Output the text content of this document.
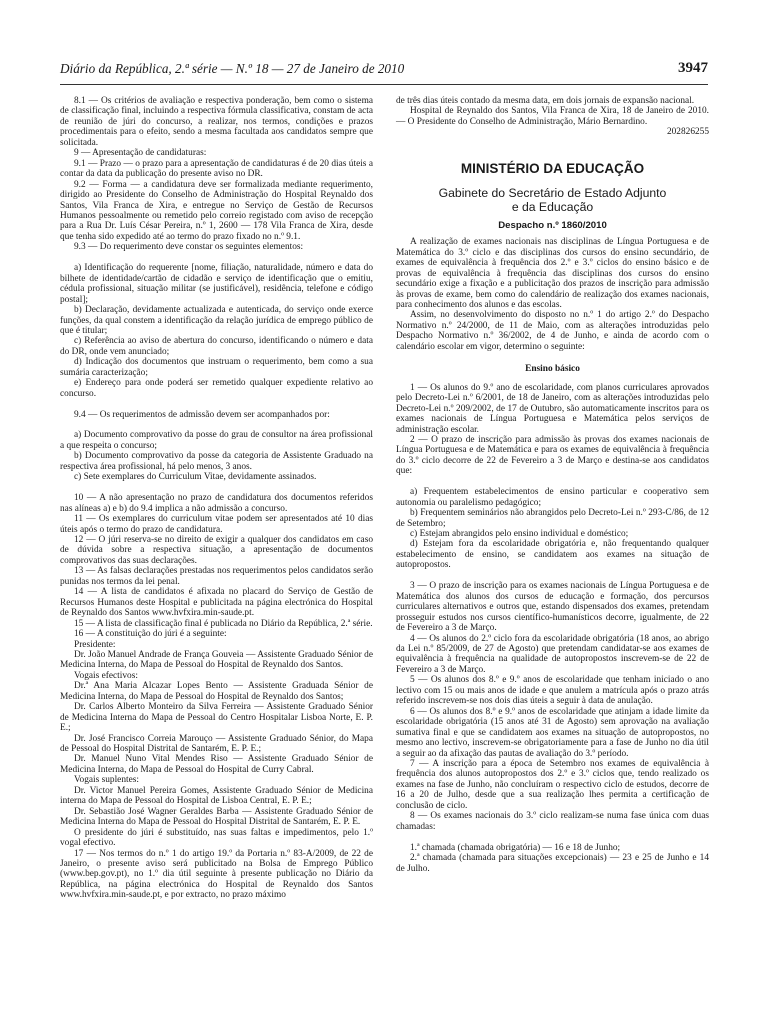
Diário da República, 2.ª série — N.º 18 — 27 de Janeiro de 2010	3947

8.1 — Os critérios de avaliação e respectiva ponderação, bem como o sistema de classificação final, incluindo a respectiva fórmula classificativa, constam de acta de reunião de júri do concurso, a realizar, nos termos, condições e prazos procedimentais para o efeito, sendo a mesma facultada aos candidatos sempre que solicitada.

9 — Apresentação de candidaturas:

9.1 — Prazo — o prazo para a apresentação de candidaturas é de 20 dias úteis a contar da data da publicação do presente aviso no DR.

9.2 — Forma — a candidatura deve ser formalizada mediante requerimento, dirigido ao Presidente do Conselho de Administração do Hospital Reynaldo dos Santos, Vila Franca de Xira, e entregue no Serviço de Gestão de Recursos Humanos pessoalmente ou remetido pelo correio registado com aviso de recepção para a Rua Dr. Luís César Pereira, n.º 1, 2600 — 178 Vila Franca de Xira, desde que tenha sido expedido até ao termo do prazo fixado no n.º 9.1.

9.3 — Do requerimento deve constar os seguintes elementos:

a) Identificação do requerente [nome, filiação, naturalidade, número e data do bilhete de identidade/cartão de cidadão e serviço de identificação que o emitiu, cédula profissional, situação militar (se justificável), residência, telefone e código postal];

b) Declaração, devidamente actualizada e autenticada, do serviço onde exerce funções, da qual constem a identificação da relação jurídica de emprego público de que é titular;

c) Referência ao aviso de abertura do concurso, identificando o número e data do DR, onde vem anunciado;

d) Indicação dos documentos que instruam o requerimento, bem como a sua sumária caracterização;

e) Endereço para onde poderá ser remetido qualquer expediente relativo ao concurso.

9.4 — Os requerimentos de admissão devem ser acompanhados por:

a) Documento comprovativo da posse do grau de consultor na área profissional a que respeita o concurso;

b) Documento comprovativo da posse da categoria de Assistente Graduado na respectiva área profissional, há pelo menos, 3 anos.

c) Sete exemplares do Curriculum Vitae, devidamente assinados.

10 — A não apresentação no prazo de candidatura dos documentos referidos nas alíneas a) e b) do 9.4 implica a não admissão a concurso.

11 — Os exemplares do curriculum vitae podem ser apresentados até 10 dias úteis após o termo do prazo de candidatura.

12 — O júri reserva-se no direito de exigir a qualquer dos candidatos em caso de dúvida sobre a respectiva situação, a apresentação de documentos comprovativos das suas declarações.

13 — As falsas declarações prestadas nos requerimentos pelos candidatos serão punidas nos termos da lei penal.

14 — A lista de candidatos é afixada no placard do Serviço de Gestão de Recursos Humanos deste Hospital e publicitada na página electrónica do Hospital de Reynaldo dos Santos www.hvfxira.min-saude.pt.

15 — A lista de classificação final é publicada no Diário da República, 2.ª série.

16 — A constituição do júri é a seguinte:

Presidente:

Dr. João Manuel Andrade de França Gouveia — Assistente Graduado Sénior de Medicina Interna, do Mapa de Pessoal do Hospital de Reynaldo dos Santos.

Vogais efectivos:

Dr.ª Ana Maria Alcazar Lopes Bento — Assistente Graduada Sénior de Medicina Interna, do Mapa de Pessoal do Hospital de Reynaldo dos Santos;

Dr. Carlos Alberto Monteiro da Silva Ferreira — Assistente Graduado Sénior de Medicina Interna do Mapa de Pessoal do Centro Hospitalar Lisboa Norte, E. P. E.;

Dr. José Francisco Correia Marouço — Assistente Graduado Sénior, do Mapa de Pessoal do Hospital Distrital de Santarém, E. P. E.;

Dr. Manuel Nuno Vital Mendes Riso — Assistente Graduado Sénior de Medicina Interna, do Mapa de Pessoal do Hospital de Curry Cabral.

Vogais suplentes:

Dr. Victor Manuel Pereira Gomes, Assistente Graduado Sénior de Medicina interna do Mapa de Pessoal do Hospital de Lisboa Central, E. P. E.;

Dr. Sebastião José Wagner Geraldes Barba — Assistente Graduado Sénior de Medicina Interna do Mapa de Pessoal do Hospital Distrital de Santarém, E. P. E.

O presidente do júri é substituído, nas suas faltas e impedimentos, pelo 1.º vogal efectivo.

17 — Nos termos do n.º 1 do artigo 19.º da Portaria n.º 83-A/2009, de 22 de Janeiro, o presente aviso será publicitado na Bolsa de Emprego Público (www.bep.gov.pt), no 1.º dia útil seguinte à presente publicação no Diário da República, na página electrónica do Hospital de Reynaldo dos Santos www.hvfxira.min-saude.pt, e por extracto, no prazo máximo

de três dias úteis contado da mesma data, em dois jornais de expansão nacional.

Hospital de Reynaldo dos Santos, Vila Franca de Xira, 18 de Janeiro de 2010. — O Presidente do Conselho de Administração, Mário Bernardino.

202826255

MINISTÉRIO DA EDUCAÇÃO

Gabinete do Secretário de Estado Adjunto

e da Educação

Despacho n.º 1860/2010

A realização de exames nacionais nas disciplinas de Língua Portuguesa e de Matemática do 3.º ciclo e das disciplinas dos cursos do ensino secundário, de exames de equivalência à frequência dos 2.º e 3.º ciclos do ensino básico e de provas de equivalência à frequência das disciplinas dos cursos do ensino secundário exige a fixação e a publicitação dos prazos de inscrição para admissão às provas de exame, bem como do calendário de realização dos exames nacionais, para conhecimento dos alunos e das escolas.

Assim, no desenvolvimento do disposto no n.º 1 do artigo 2.º do Despacho Normativo n.º 24/2000, de 11 de Maio, com as alterações introduzidas pelo Despacho Normativo n.º 36/2002, de 4 de Junho, e ainda de acordo com o calendário escolar em vigor, determino o seguinte:

Ensino básico

1 — Os alunos do 9.º ano de escolaridade, com planos curriculares aprovados pelo Decreto-Lei n.º 6/2001, de 18 de Janeiro, com as alterações introduzidas pelo Decreto-Lei n.º 209/2002, de 17 de Outubro, são automaticamente inscritos para os exames nacionais de Língua Portuguesa e Matemática pelos serviços de administração escolar.

2 — O prazo de inscrição para admissão às provas dos exames nacionais de Língua Portuguesa e de Matemática e para os exames de equivalência à frequência do 3.º ciclo decorre de 22 de Fevereiro a 3 de Março e destina-se aos candidatos que:

a) Frequentem estabelecimentos de ensino particular e cooperativo sem autonomia ou paralelismo pedagógico;

b) Frequentem seminários não abrangidos pelo Decreto-Lei n.º 293-C/86, de 12 de Setembro;

c) Estejam abrangidos pelo ensino individual e doméstico;

d) Estejam fora da escolaridade obrigatória e, não frequentando qualquer estabelecimento de ensino, se candidatem aos exames na situação de autopropostos.

3 — O prazo de inscrição para os exames nacionais de Língua Portuguesa e de Matemática dos alunos dos cursos de educação e formação, dos percursos curriculares alternativos e outros que, estando dispensados dos exames, pretendam prosseguir estudos nos cursos científico-humanísticos decorre, igualmente, de 22 de Fevereiro a 3 de Março.

4 — Os alunos do 2.º ciclo fora da escolaridade obrigatória (18 anos, ao abrigo da Lei n.º 85/2009, de 27 de Agosto) que pretendam candidatar-se aos exames de equivalência à frequência na qualidade de autopropostos inscrevem-se de 22 de Fevereiro a 3 de Março.

5 — Os alunos dos 8.º e 9.º anos de escolaridade que tenham iniciado o ano lectivo com 15 ou mais anos de idade e que anulem a matrícula após o prazo atrás referido inscrevem-se nos dois dias úteis a seguir à data de anulação.

6 — Os alunos dos 8.º e 9.º anos de escolaridade que atinjam a idade limite da escolaridade obrigatória (15 anos até 31 de Agosto) sem aprovação na avaliação sumativa final e que se candidatem aos exames na situação de autopropostos, no mesmo ano lectivo, inscrevem-se obrigatoriamente para a fase de Junho no dia útil a seguir ao da afixação das pautas de avaliação do 3.º período.

7 — A inscrição para a época de Setembro nos exames de equivalência à frequência dos alunos autopropostos dos 2.º e 3.º ciclos que, tendo realizado os exames na fase de Junho, não concluíram o respectivo ciclo de estudos, decorre de 16 a 20 de Julho, desde que a sua realização lhes permita a certificação de conclusão de ciclo.

8 — Os exames nacionais do 3.º ciclo realizam-se numa fase única com duas chamadas:

1.ª chamada (chamada obrigatória) — 16 e 18 de Junho;

2.ª chamada (chamada para situações excepcionais) — 23 e 25 de Junho e 14 de Julho.
